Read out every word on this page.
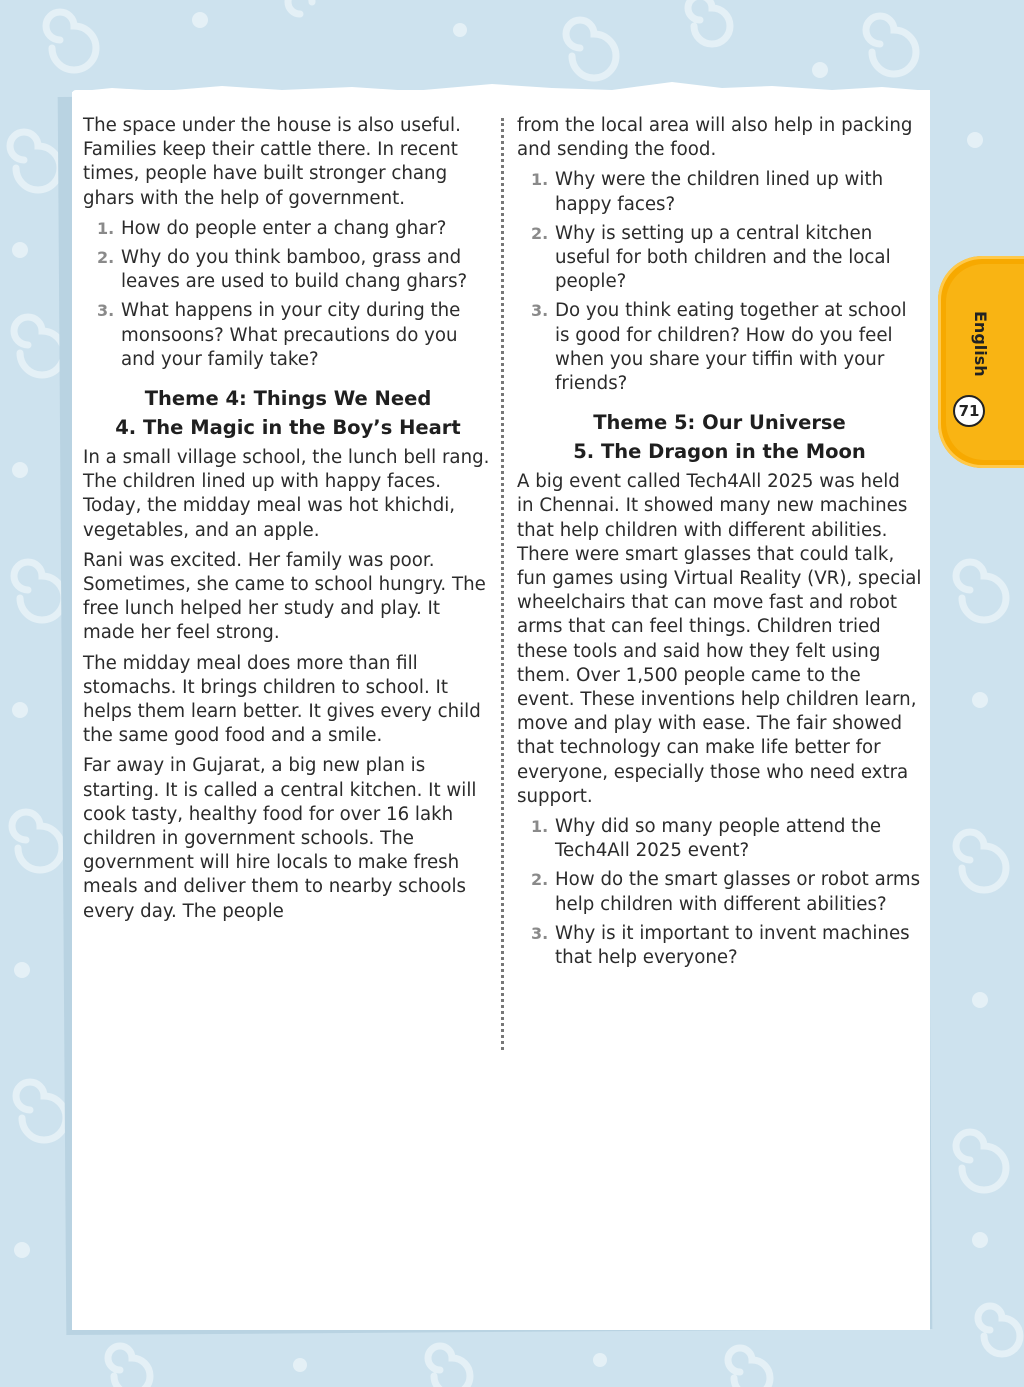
The space under the house is also useful. Families keep their cattle there. In recent times, people have built stronger chang ghars with the help of government.

1. How do people enter a chang ghar?
2. Why do you think bamboo, grass and leaves are used to build chang ghars?
3. What happens in your city during the monsoons? What precautions do you and your family take?
Theme 4: Things We Need
4. The Magic in the Boy’s Heart

In a small village school, the lunch bell rang. The children lined up with happy faces. Today, the midday meal was hot khichdi, vegetables, and an apple.

Rani was excited. Her family was poor. Sometimes, she came to school hungry. The free lunch helped her study and play. It made her feel strong.

The midday meal does more than fill stomachs. It brings children to school. It helps them learn better. It gives every child the same good food and a smile.

Far away in Gujarat, a big new plan is starting. It is called a central kitchen. It will cook tasty, healthy food for over 16 lakh children in government schools. The government will hire locals to make fresh meals and deliver them to nearby schools every day. The people

from the local area will also help in packing and sending the food.

1. Why were the children lined up with happy faces?
2. Why is setting up a central kitchen useful for both children and the local people?
3. Do you think eating together at school is good for children? How do you feel when you share your tiffin with your friends?
Theme 5: Our Universe
5. The Dragon in the Moon

A big event called Tech4All 2025 was held in Chennai. It showed many new machines that help children with different abilities. There were smart glasses that could talk, fun games using Virtual Reality (VR), special wheelchairs that can move fast and robot arms that can feel things. Children tried these tools and said how they felt using them. Over 1,500 people came to the event. These inventions help children learn, move and play with ease. The fair showed that technology can make life better for everyone, especially those who need extra support.

1. Why did so many people attend the Tech4All 2025 event?
2. How do the smart glasses or robot arms help children with different abilities?
3. Why is it important to invent machines that help everyone?
English
71
